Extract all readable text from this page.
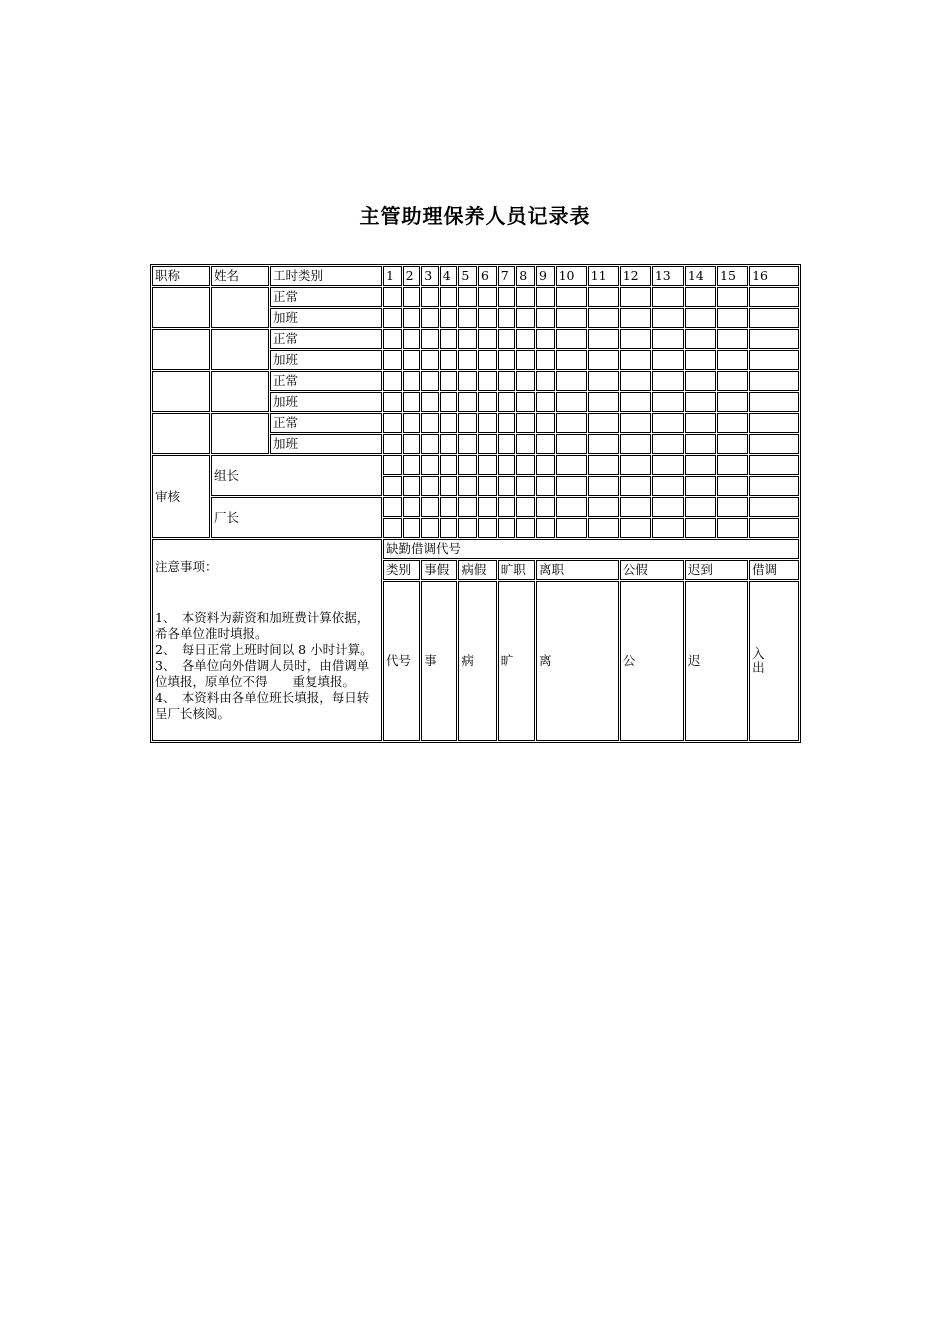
主管助理保养人员记录表
职称	姓名	工时类别	1	2	3	4	5	6	7	8	9	10	11	12	13	14	15	16
		正常																
		加班																
		正常																
		加班																
		正常																
		加班																
		正常																
		加班																
审核	组长																	

	厂长																	

注意事项：
1、　本资料为薪资和加班费计算依据，希各单位准时填报。
2、　每日正常上班时间以 8 小时计算。
3、　各单位向外借调人员时，由借调单位填报，原单位不得　　重复填报。
4、　本资料由各单位班长填报，每日转呈厂长核阅。			缺勤借调代号															
			类别		事假		病假		旷职		离职			公假		迟到		借调
			代号		事		病		旷		离			公		迟		入
出
